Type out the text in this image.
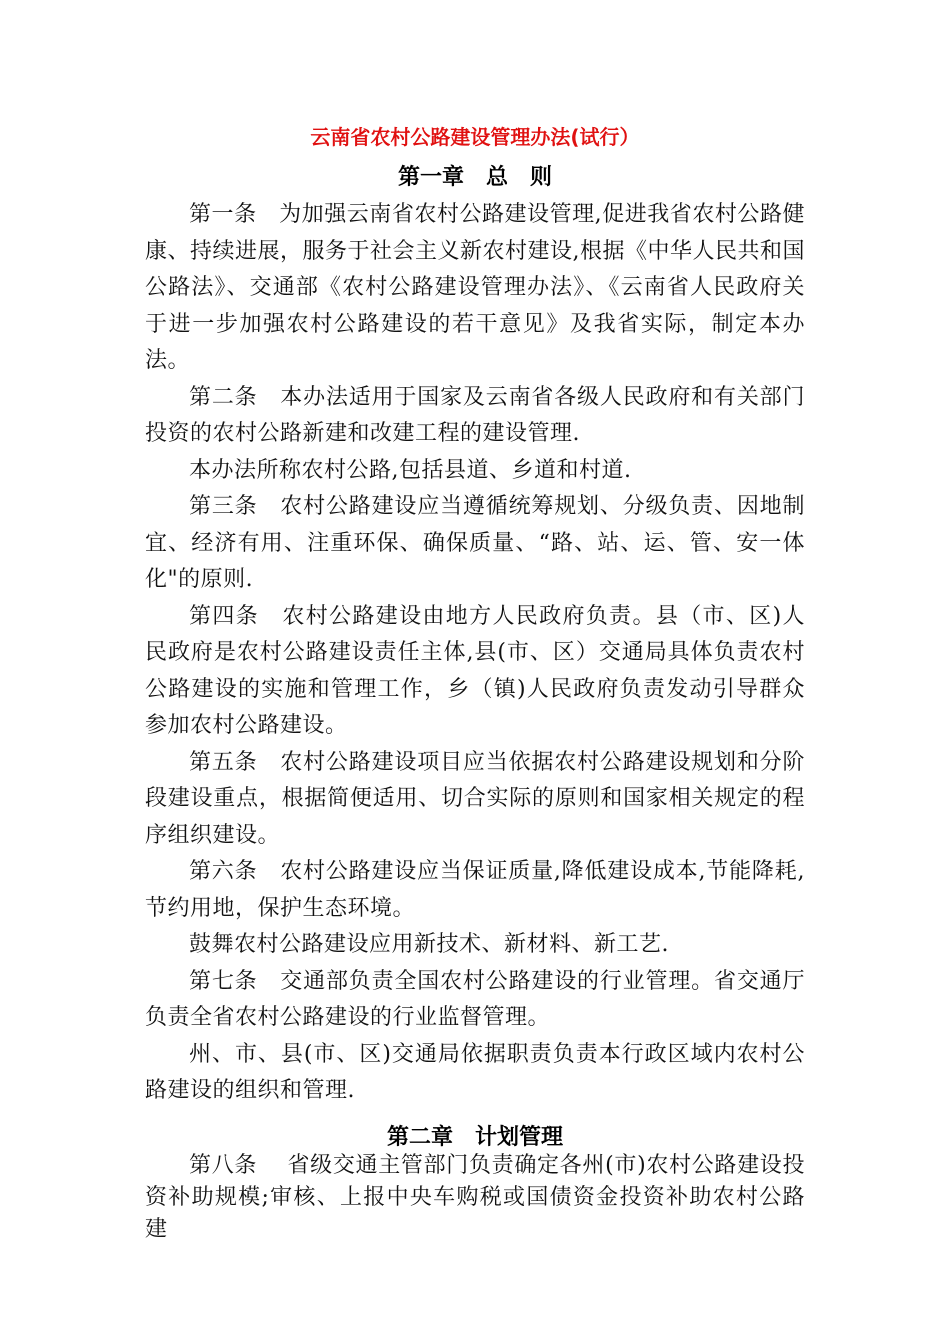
云南省农村公路建设管理办法(试行）
第一章　总　则

第一条　为加强云南省农村公路建设管理,促进我省农村公路健康、持续进展，服务于社会主义新农村建设,根据《中华人民共和国公路法》、交通部《农村公路建设管理办法》、《云南省人民政府关于进一步加强农村公路建设的若干意见》及我省实际，制定本办法。

第二条　本办法适用于国家及云南省各级人民政府和有关部门投资的农村公路新建和改建工程的建设管理.

本办法所称农村公路,包括县道、乡道和村道.

第三条　农村公路建设应当遵循统筹规划、分级负责、因地制宜、经济有用、注重环保、确保质量、“路、站、运、管、安一体化"的原则.

第四条　农村公路建设由地方人民政府负责。县（市、区)人民政府是农村公路建设责任主体,县(市、区）交通局具体负责农村公路建设的实施和管理工作，乡（镇)人民政府负责发动引导群众参加农村公路建设。

第五条　农村公路建设项目应当依据农村公路建设规划和分阶段建设重点，根据简便适用、切合实际的原则和国家相关规定的程序组织建设。

第六条　农村公路建设应当保证质量,降低建设成本,节能降耗,节约用地，保护生态环境。

鼓舞农村公路建设应用新技术、新材料、新工艺.

第七条　交通部负责全国农村公路建设的行业管理。省交通厅负责全省农村公路建设的行业监督管理。

州、市、县(市、区)交通局依据职责负责本行政区域内农村公路建设的组织和管理.

第二章　计划管理

第八条　 省级交通主管部门负责确定各州(市)农村公路建设投资补助规模;审核、上报中央车购税或国债资金投资补助农村公路建
